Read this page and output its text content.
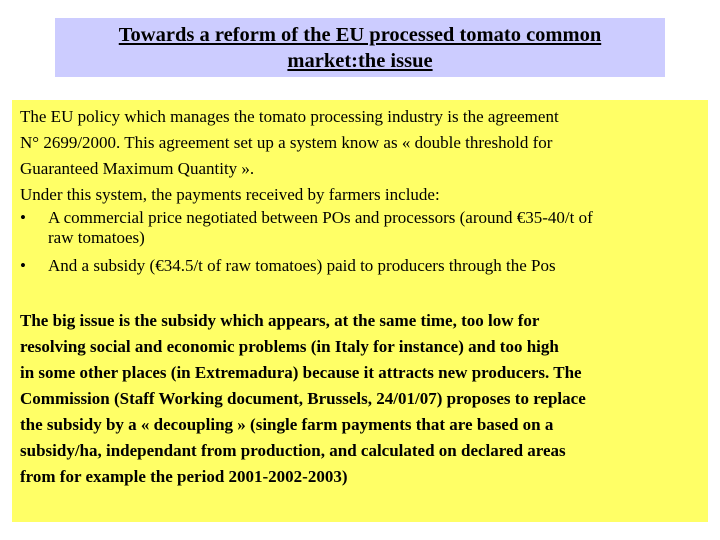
Towards a reform of the EU processed tomato common
market:the issue
The EU policy which manages the tomato processing industry is the agreement
N° 2699/2000. This agreement set up a system know as « double threshold for
Guaranteed Maximum Quantity ».
Under this system, the payments received by farmers include:
• A commercial price negotiated between POs and processors (around €35-40/t of
raw tomatoes)
• And a subsidy (€34.5/t of raw tomatoes) paid to producers through the Pos
The big issue is the subsidy which appears, at the same time, too low for
resolving social and economic problems (in Italy for instance) and too high
in some other places (in Extremadura) because it attracts new producers. The
Commission (Staff Working document, Brussels, 24/01/07) proposes to replace
the subsidy by a « decoupling » (single farm payments that are based on a
subsidy/ha, independant from production, and calculated on declared areas
from for example the period 2001-2002-2003)
